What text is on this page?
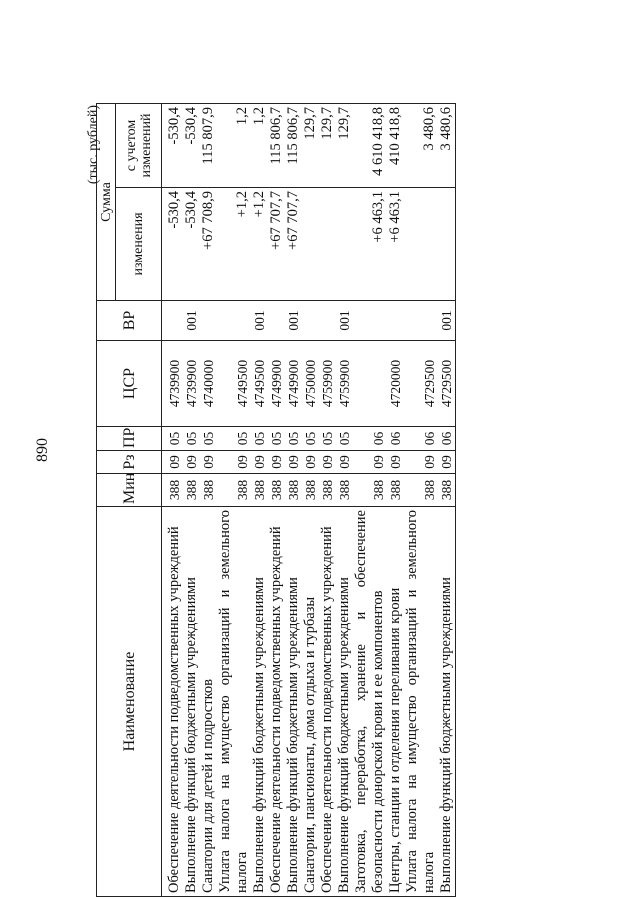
890
(тыс. рублей)
Наименование	Мин	Рз	ПР	ЦСР	ВР	Сумма	
						изменения	с учетом изменений
Обеспечение деятельности подведомственных учреждений	388	09	05	4739900		-530,4	-530,4
Выполнение функций бюджетными учреждениями	388	09	05	4739900	001	-530,4	-530,4
Санатории для детей и подростков	388	09	05	4740000		+67 708,9	115 807,9
Уплата налога на имущество организаций и земельного налога	388	09	05	4749500		+1,2	1,2
Выполнение функций бюджетными учреждениями	388	09	05	4749500	001	+1,2	1,2
Обеспечение деятельности подведомственных учреждений	388	09	05	4749900		+67 707,7	115 806,7
Выполнение функций бюджетными учреждениями	388	09	05	4749900	001	+67 707,7	115 806,7
Санатории, пансионаты, дома отдыха и турбазы	388	09	05	4750000			129,7
Обеспечение деятельности подведомственных учреждений	388	09	05	4759900			129,7
Выполнение функций бюджетными учреждениями	388	09	05	4759900	001		129,7
Заготовка, переработка, хранение и обеспечение безопасности донорской крови и ее компонентов	388	09	06			+6 463,1	4 610 418,8
Центры, станции и отделения переливания крови	388	09	06	4720000		+6 463,1	410 418,8
Уплата налога на имущество организаций и земельного налога	388	09	06	4729500			3 480,6
Выполнение функций бюджетными учреждениями	388	09	06	4729500	001		3 480,6
